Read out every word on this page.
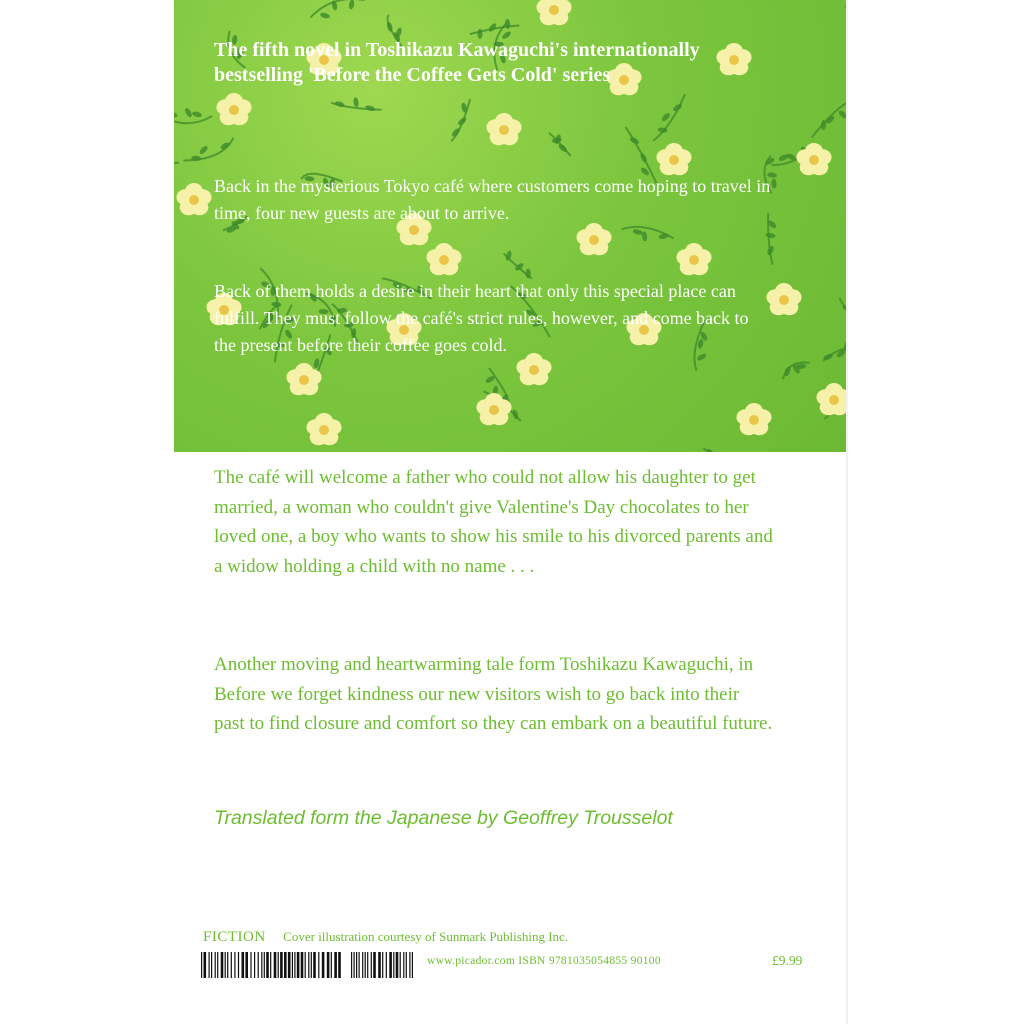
The fifth novel in Toshikazu Kawaguchi's internationally bestselling 'Before the Coffee Gets Cold' series
Back in the mysterious Tokyo café where customers come hoping to travel in time, four new guests are about to arrive.
Back of them holds a desire in their heart that only this special place can fulfill. They must follow the café's strict rules, however, and come back to the present before their coffee goes cold.
The café will welcome a father who could not allow his daughter to get married, a woman who couldn't give Valentine's Day chocolates to her loved one, a boy who wants to show his smile to his divorced parents and a widow holding a child with no name . . .
Another moving and heartwarming tale form Toshikazu Kawaguchi, in Before we forget kindness our new visitors wish to go back into their past to find closure and comfort so they can embark on a beautiful future.
Translated form the Japanese by Geoffrey Trousselot
FICTION Cover illustration courtesy of Sunmark Publishing Inc.
www.picador.com ISBN 9781035054855 90100	£9.99
